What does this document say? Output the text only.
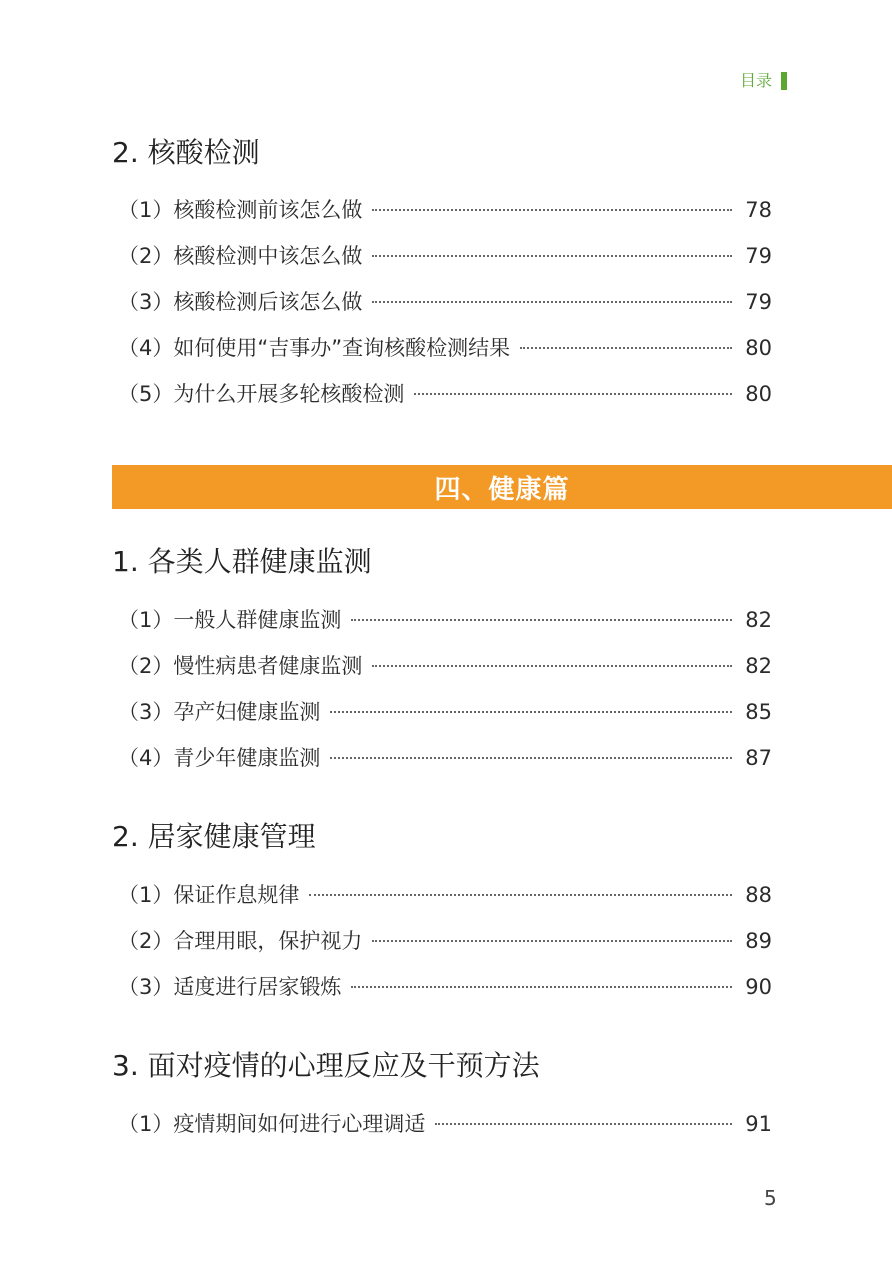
目录
2. 核酸检测
（1）核酸检测前该怎么做	78
（2）核酸检测中该怎么做	79
（3）核酸检测后该怎么做	79
（4）如何使用“吉事办”查询核酸检测结果	80
（5）为什么开展多轮核酸检测	80
四、健康篇
1. 各类人群健康监测
（1）一般人群健康监测	82
（2）慢性病患者健康监测	82
（3）孕产妇健康监测	85
（4）青少年健康监测	87
2. 居家健康管理
（1）保证作息规律	88
（2）合理用眼，保护视力	89
（3）适度进行居家锻炼	90
3. 面对疫情的心理反应及干预方法
（1）疫情期间如何进行心理调适	91
5
